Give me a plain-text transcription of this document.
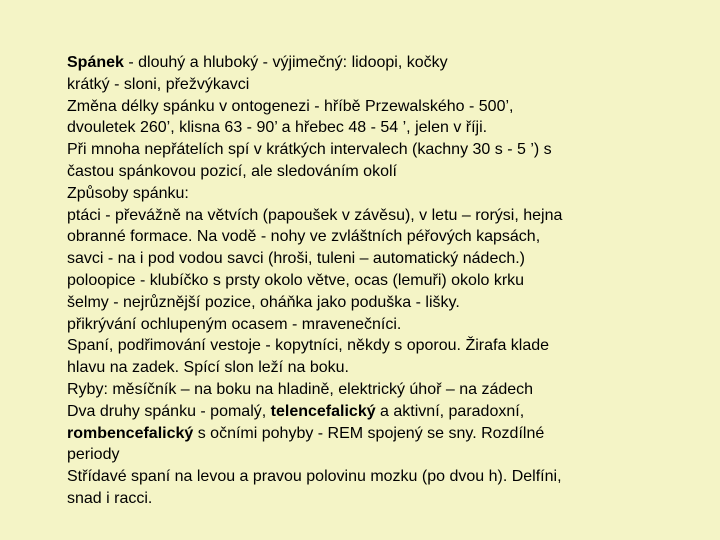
Spánek - dlouhý a hluboký - výjimečný: lidoopi, kočky
krátký - sloni, přežvýkavci
Změna délky spánku v ontogenezi - hříbě Przewalského - 500’,
dvouletek 260’, klisna 63 - 90’ a hřebec 48 - 54 ’, jelen v říji.
Při mnoha nepřátelích spí v krátkých intervalech (kachny 30 s - 5 ’) s
častou spánkovou pozicí, ale sledováním okolí
Způsoby spánku:
ptáci - převážně na větvích (papoušek v závěsu), v letu – rorýsi, hejna
obranné formace. Na vodě - nohy ve zvláštních péřových kapsách,
savci - na i pod vodou savci (hroši, tuleni – automatický nádech.)
poloopice - klubíčko s prsty okolo větve, ocas (lemuři) okolo krku
šelmy - nejrůznější pozice, oháňka jako poduška - lišky.
přikrývání ochlupeným ocasem - mravenečníci.
Spaní, podřimování vestoje - kopytníci, někdy s oporou. Žirafa klade
hlavu na zadek. Spící slon leží na boku.
Ryby: měsíčník – na boku na hladině, elektrický úhoř – na zádech
Dva druhy spánku - pomalý, telencefalický a aktivní, paradoxní,
rombencefalický s očními pohyby - REM spojený se sny. Rozdílné
periody
Střídavé spaní na levou a pravou polovinu mozku (po dvou h). Delfíni,
snad i racci.
